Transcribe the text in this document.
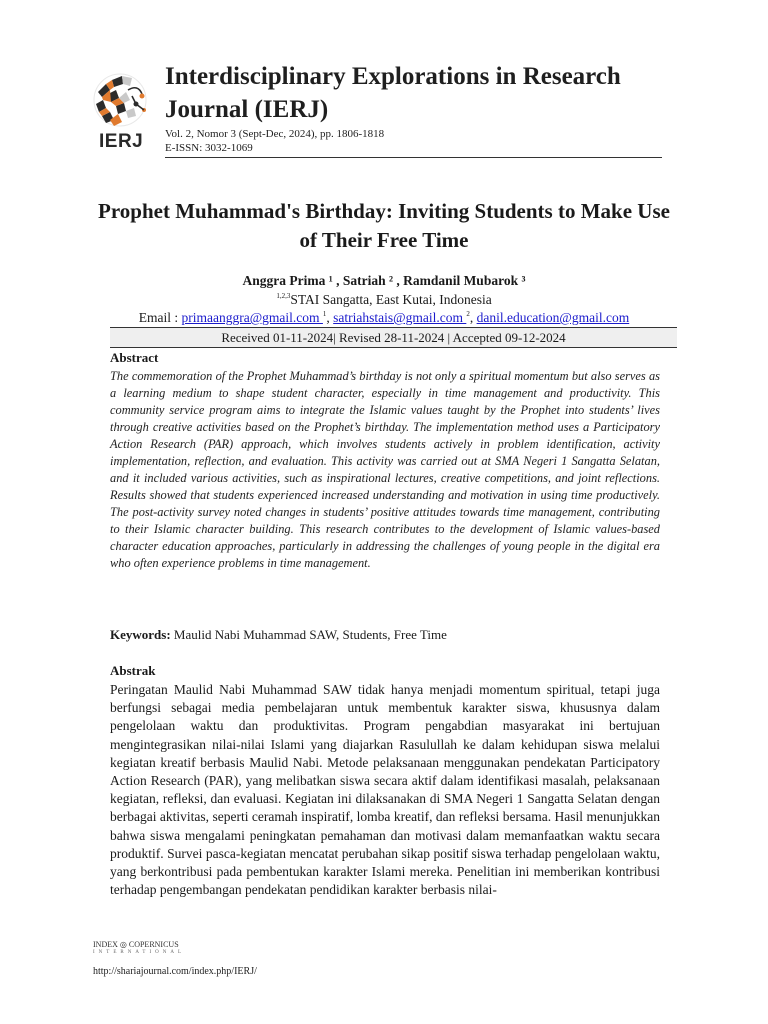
IERJ
Interdisciplinary Explorations in Research Journal (IERJ)
Vol. 2, Nomor 3 (Sept-Dec, 2024), pp. 1806-1818
E-ISSN: 3032-1069
Prophet Muhammad's Birthday: Inviting Students to Make Use of Their Free Time
Anggra Prima ¹ , Satriah ² , Ramdanil Mubarok ³
$^{1,2,3}$STAI Sangatta, East Kutai, Indonesia
Email : primaanggra@gmail.com $^1$, satriahstais@gmail.com $^2$, danil.education@gmail.com
Received 01-11-2024| Revised 28-11-2024 | Accepted 09-12-2024
Abstract
The commemoration of the Prophet Muhammad’s birthday is not only a spiritual momentum but also serves as a learning medium to shape student character, especially in time management and productivity. This community service program aims to integrate the Islamic values taught by the Prophet into students’ lives through creative activities based on the Prophet’s birthday. The implementation method uses a Participatory Action Research (PAR) approach, which involves students actively in problem identification, activity implementation, reflection, and evaluation. This activity was carried out at SMA Negeri 1 Sangatta Selatan, and it included various activities, such as inspirational lectures, creative competitions, and joint reflections. Results showed that students experienced increased understanding and motivation in using time productively. The post-activity survey noted changes in students’ positive attitudes towards time management, contributing to their Islamic character building. This research contributes to the development of Islamic values-based character education approaches, particularly in addressing the challenges of young people in the digital era who often experience problems in time management.
Keywords: Maulid Nabi Muhammad SAW, Students, Free Time
Abstrak
Peringatan Maulid Nabi Muhammad SAW tidak hanya menjadi momentum spiritual, tetapi juga berfungsi sebagai media pembelajaran untuk membentuk karakter siswa, khususnya dalam pengelolaan waktu dan produktivitas. Program pengabdian masyarakat ini bertujuan mengintegrasikan nilai-nilai Islami yang diajarkan Rasulullah ke dalam kehidupan siswa melalui kegiatan kreatif berbasis Maulid Nabi. Metode pelaksanaan menggunakan pendekatan Participatory Action Research (PAR), yang melibatkan siswa secara aktif dalam identifikasi masalah, pelaksanaan kegiatan, refleksi, dan evaluasi. Kegiatan ini dilaksanakan di SMA Negeri 1 Sangatta Selatan dengan berbagai aktivitas, seperti ceramah inspiratif, lomba kreatif, dan refleksi bersama. Hasil menunjukkan bahwa siswa mengalami peningkatan pemahaman dan motivasi dalam memanfaatkan waktu secara produktif. Survei pasca-kegiatan mencatat perubahan sikap positif siswa terhadap pengelolaan waktu, yang berkontribusi pada pembentukan karakter Islami mereka. Penelitian ini memberikan kontribusi terhadap pengembangan pendekatan pendidikan karakter berbasis nilai-
INDEX ◎ COPERNICUS
INTERNATIONAL
http://shariajournal.com/index.php/IERJ/
